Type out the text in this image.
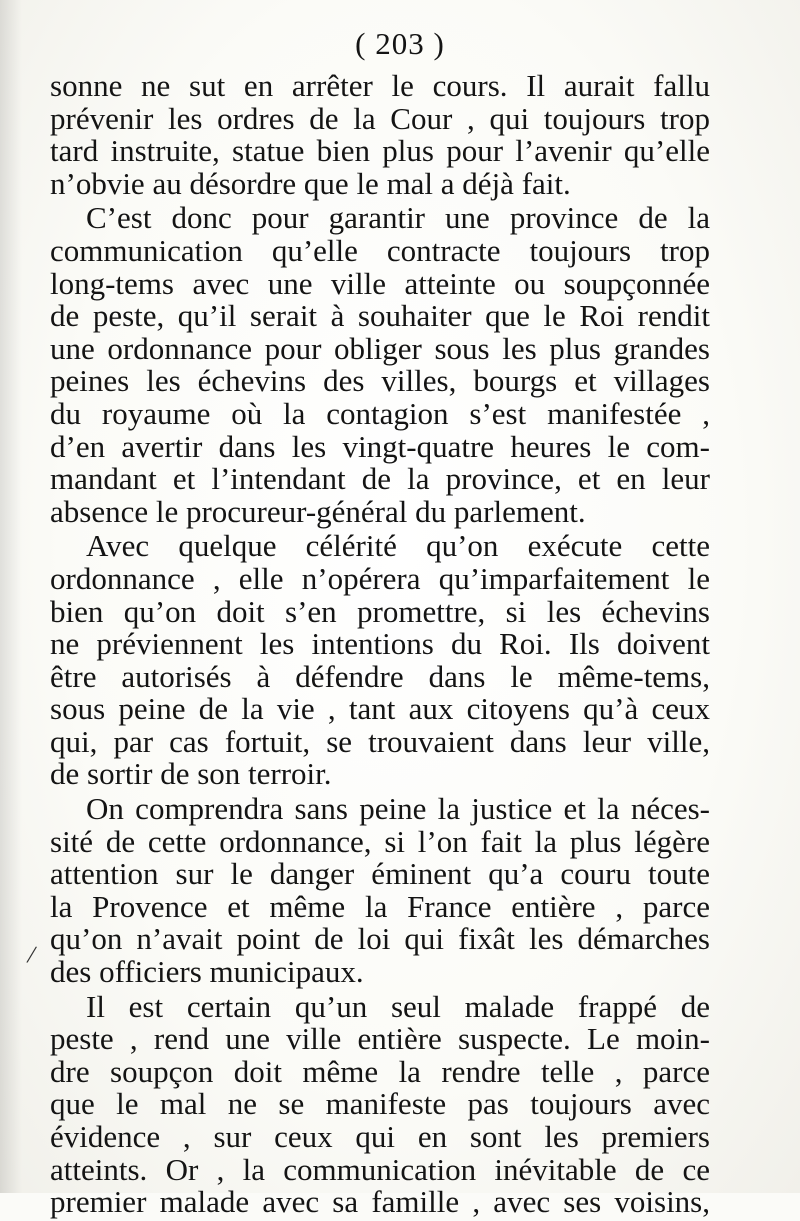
( 203 )
/

sonne ne sut en arrêter le cours. Il aurait fallu
prévenir les ordres de la Cour , qui toujours trop
tard instruite, statue bien plus pour l’avenir qu’elle
n’obvie au désordre que le mal a déjà fait.

C’est donc pour garantir une province de la
communication qu’elle contracte toujours trop
long-tems avec une ville atteinte ou soupçonnée
de peste, qu’il serait à souhaiter que le Roi rendit
une ordonnance pour obliger sous les plus grandes
peines les échevins des villes, bourgs et villages
du royaume où la contagion s’est manifestée ,
d’en avertir dans les vingt-quatre heures le com-
mandant et l’intendant de la province, et en leur
absence le procureur-général du parlement.

Avec quelque célérité qu’on exécute cette
ordonnance , elle n’opérera qu’imparfaitement le
bien qu’on doit s’en promettre, si les échevins
ne préviennent les intentions du Roi. Ils doivent
être autorisés à défendre dans le même-tems,
sous peine de la vie , tant aux citoyens qu’à ceux
qui, par cas fortuit, se trouvaient dans leur ville,
de sortir de son terroir.

On comprendra sans peine la justice et la néces-
sité de cette ordonnance, si l’on fait la plus légère
attention sur le danger éminent qu’a couru toute
la Provence et même la France entière , parce
qu’on n’avait point de loi qui fixât les démarches
des officiers municipaux.

Il est certain qu’un seul malade frappé de
peste , rend une ville entière suspecte. Le moin-
dre soupçon doit même la rendre telle , parce
que le mal ne se manifeste pas toujours avec
évidence , sur ceux qui en sont les premiers
atteints. Or , la communication inévitable de ce
premier malade avec sa famille , avec ses voisins,
